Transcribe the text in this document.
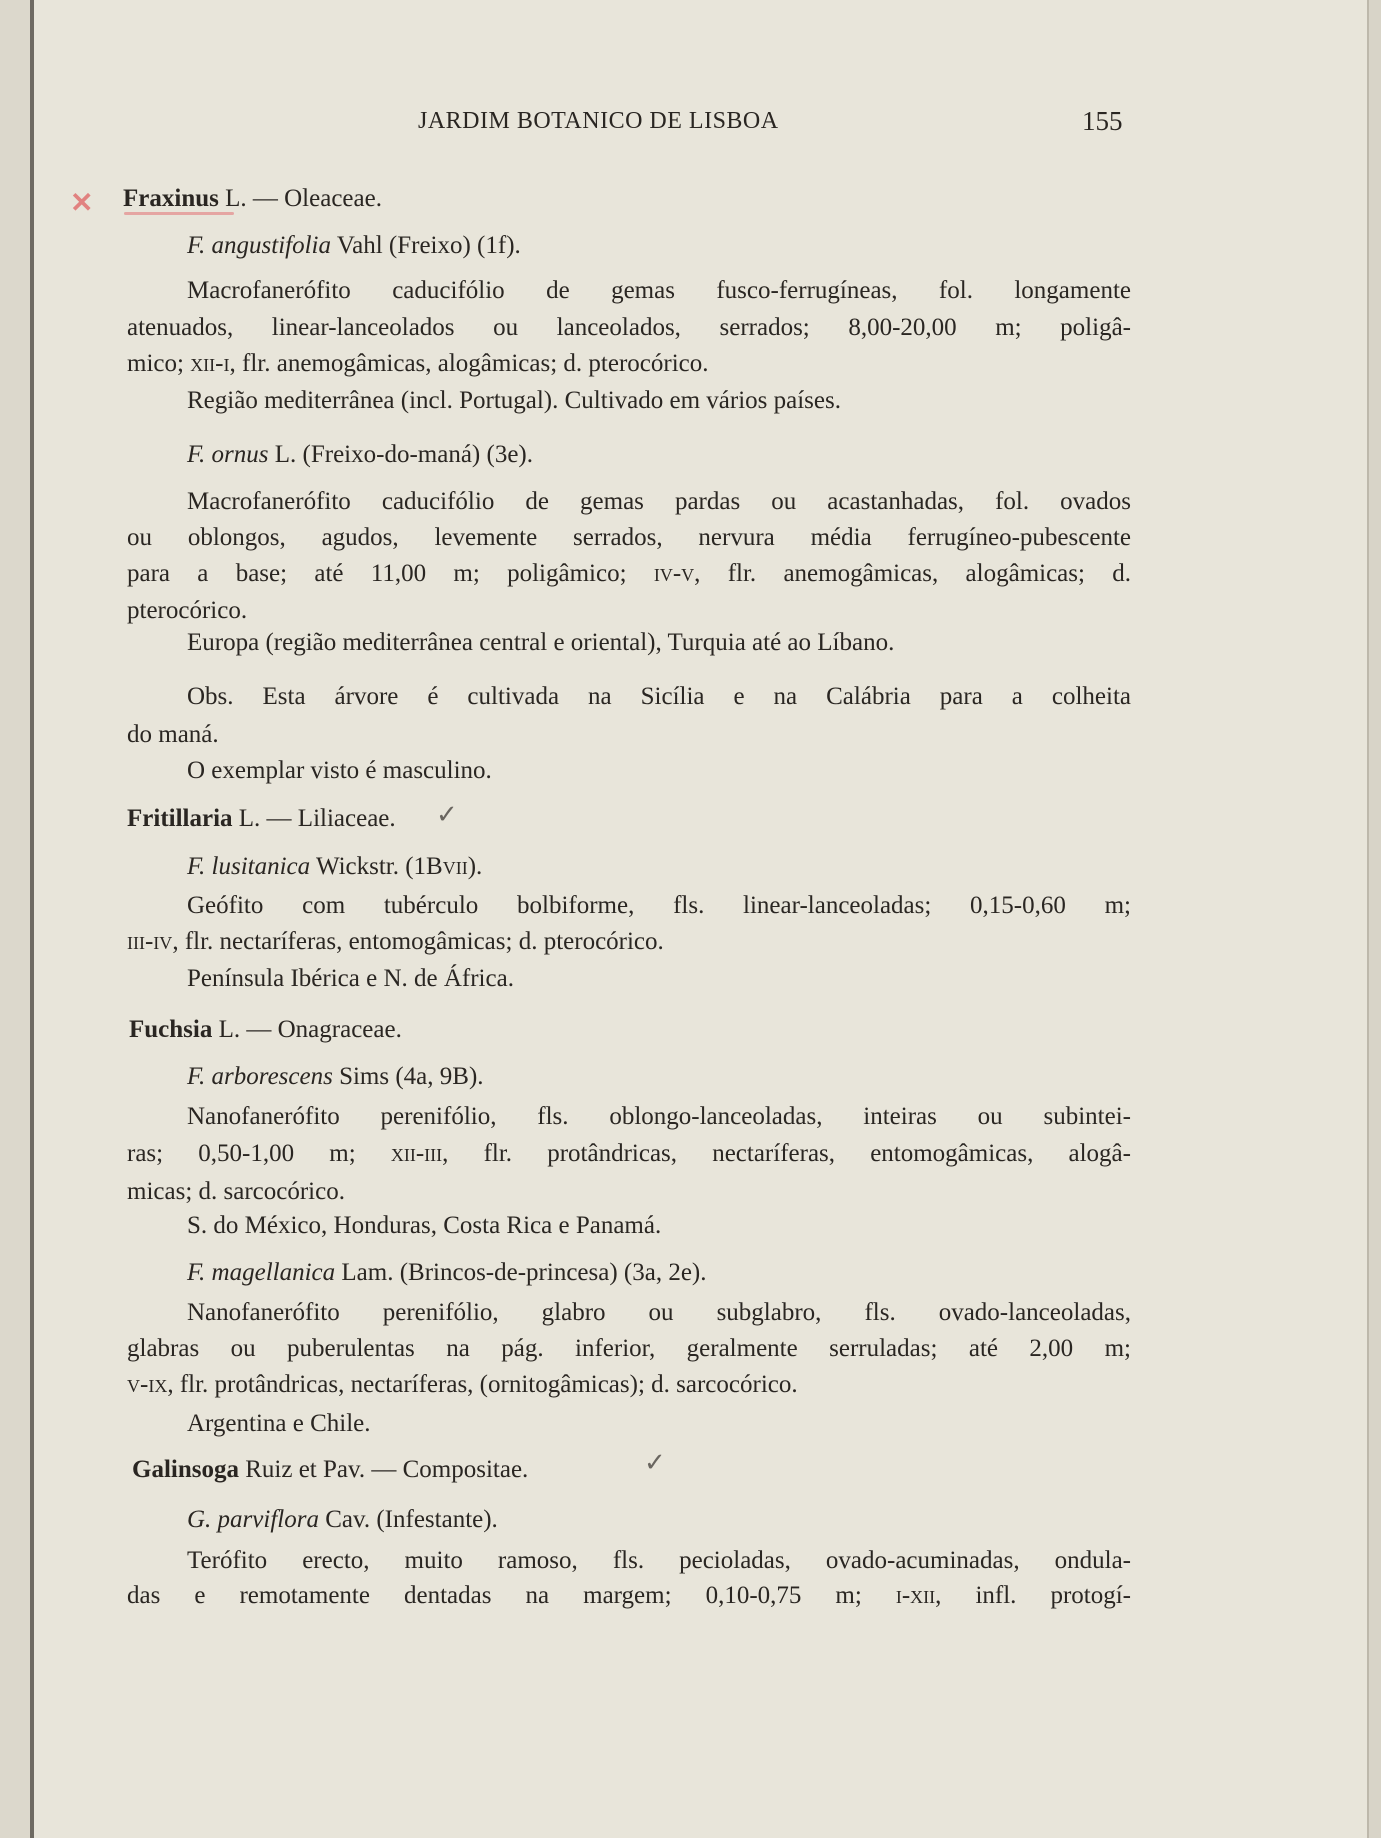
JARDIM BOTANICO DE LISBOA	155
✕
✓
✓
Fraxinus L. — Oleaceae.
F. angustifolia Vahl (Freixo) (1f).
Macrofanerófito caducifólio de gemas fusco-ferrugíneas, fol. longamente
atenuados, linear-lanceolados ou lanceolados, serrados; 8,00-20,00 m; poligâ-
mico; xii-i, flr. anemogâmicas, alogâmicas; d. pterocórico.
Região mediterrânea (incl. Portugal). Cultivado em vários países.
F. ornus L. (Freixo-do-maná) (3e).
Macrofanerófito caducifólio de gemas pardas ou acastanhadas, fol. ovados
ou oblongos, agudos, levemente serrados, nervura média ferrugíneo-pubescente
para a base; até 11,00 m; poligâmico; iv-v, flr. anemogâmicas, alogâmicas; d.
pterocórico.
Europa (região mediterrânea central e oriental), Turquia até ao Líbano.
Obs. Esta árvore é cultivada na Sicília e na Calábria para a colheita
do maná.
O exemplar visto é masculino.
Fritillaria L. — Liliaceae.
F. lusitanica Wickstr. (1Bvii).
Geófito com tubérculo bolbiforme, fls. linear-lanceoladas; 0,15-0,60 m;
iii-iv, flr. nectaríferas, entomogâmicas; d. pterocórico.
Península Ibérica e N. de África.
Fuchsia L. — Onagraceae.
F. arborescens Sims (4a, 9B).
Nanofanerófito perenifólio, fls. oblongo-lanceoladas, inteiras ou subintei-
ras; 0,50-1,00 m; xii-iii, flr. protândricas, nectaríferas, entomogâmicas, alogâ-
micas; d. sarcocórico.
S. do México, Honduras, Costa Rica e Panamá.
F. magellanica Lam. (Brincos-de-princesa) (3a, 2e).
Nanofanerófito perenifólio, glabro ou subglabro, fls. ovado-lanceoladas,
glabras ou puberulentas na pág. inferior, geralmente serruladas; até 2,00 m;
v-ix, flr. protândricas, nectaríferas, (ornitogâmicas); d. sarcocórico.
Argentina e Chile.
Galinsoga Ruiz et Pav. — Compositae.
G. parviflora Cav. (Infestante).
Terófito erecto, muito ramoso, fls. pecioladas, ovado-acuminadas, ondula-
das e remotamente dentadas na margem; 0,10-0,75 m; i-xii, infl. protogí-
